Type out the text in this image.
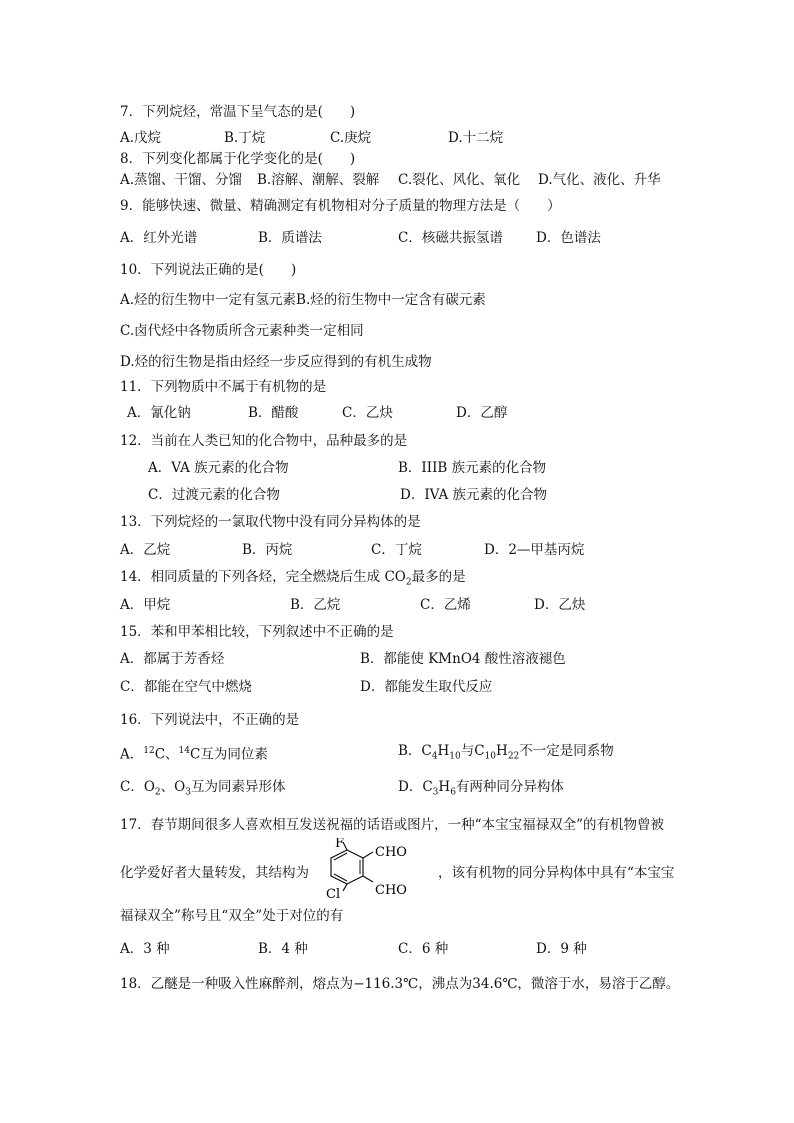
7．下列烷烃，常温下呈气态的是(　　)
A.戊烷	B.丁烷	C.庚烷	D.十二烷
8．下列变化都属于化学变化的是(　　)
A.蒸馏、干馏、分馏 B.溶解、潮解、裂解 C.裂化、风化、氧化 D.气化、液化、升华
9．能够快速、微量、精确测定有机物相对分子质量的物理方法是（　　）
A．红外光谱	B．质谱法	C．核磁共振氢谱 D．色谱法
10．下列说法正确的是(　　)
A.烃的衍生物中一定有氢元素B.烃的衍生物中一定含有碳元素
C.卤代烃中各物质所含元素种类一定相同
D.烃的衍生物是指由烃经一步反应得到的有机生成物
11．下列物质中不属于有机物的是
A．氰化钠	B．醋酸	C．乙炔	D．乙醇
12．当前在人类已知的化合物中，品种最多的是
A．VA 族元素的化合物	B．IIIB 族元素的化合物
C．过渡元素的化合物	D．IVA 族元素的化合物
13．下列烷烃的一氯取代物中没有同分异构体的是
A．乙烷	B．丙烷	C．丁烷	D．2—甲基丙烷
14．相同质量的下列各烃，完全燃烧后生成 $CO_2$最多的是
A．甲烷	B．乙烷	C．乙烯	D．乙炔
15．苯和甲苯相比较，下列叙述中不正确的是
A．都属于芳香烃	B．都能使 KMnO4 酸性溶液褪色
C．都能在空气中燃烧	D．都能发生取代反应
16．下列说法中，不正确的是
A．$^{12}$C、$^{14}$C互为同位素	B．$C_4H_{10}$与$C_{10}H_{22}$不一定是同系物
C．$O_2$、$O_3$互为同素异形体	D．$C_3H_6$有两种同分异构体
17．春节期间很多人喜欢相互发送祝福的话语或图片，一种“本宝宝福禄双全”的有机物曾被
化学爱好者大量转发，其结构为	，该有机物的同分异构体中具有“本宝宝
F
Cl
CHO
CHO
福禄双全”称号且“双全”处于对位的有
A．3 种	B．4 种	C．6 种	D．9 种
18．乙醚是一种吸入性麻醉剂，熔点为−116.3℃，沸点为34.6℃，微溶于水，易溶于乙醇。
